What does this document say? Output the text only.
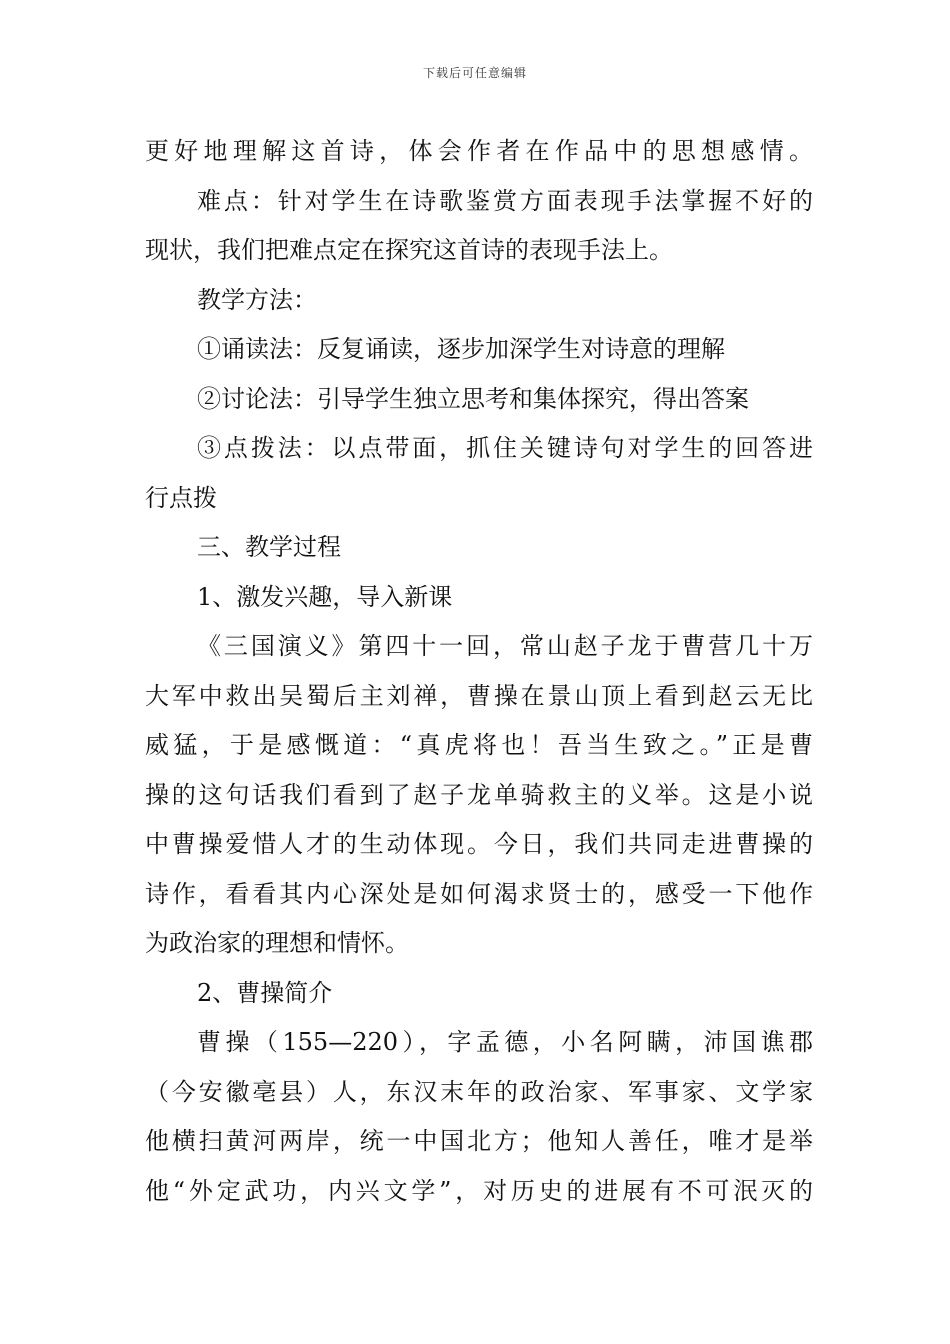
下载后可任意编辑
更好地理解这首诗，体会作者在作品中的思想感情。
难点：针对学生在诗歌鉴赏方面表现手法掌握不好的
现状，我们把难点定在探究这首诗的表现手法上。
教学方法：
①诵读法：反复诵读，逐步加深学生对诗意的理解
②讨论法：引导学生独立思考和集体探究，得出答案
③点拨法：以点带面，抓住关键诗句对学生的回答进
行点拨
三、教学过程
1、激发兴趣，导入新课
《三国演义》第四十一回，常山赵子龙于曹营几十万
大军中救出吴蜀后主刘禅，曹操在景山顶上看到赵云无比
威猛，于是感慨道：“真虎将也！吾当生致之。”正是曹
操的这句话我们看到了赵子龙单骑救主的义举。这是小说
中曹操爱惜人才的生动体现。今日，我们共同走进曹操的
诗作，看看其内心深处是如何渴求贤士的，感受一下他作
为政治家的理想和情怀。
2、曹操简介
曹操（155—220），字孟德，小名阿瞒，沛国谯郡
（今安徽亳县）人，东汉末年的政治家、军事家、文学家
他横扫黄河两岸，统一中国北方；他知人善任，唯才是举
他“外定武功，内兴文学”，对历史的进展有不可泯灭的
